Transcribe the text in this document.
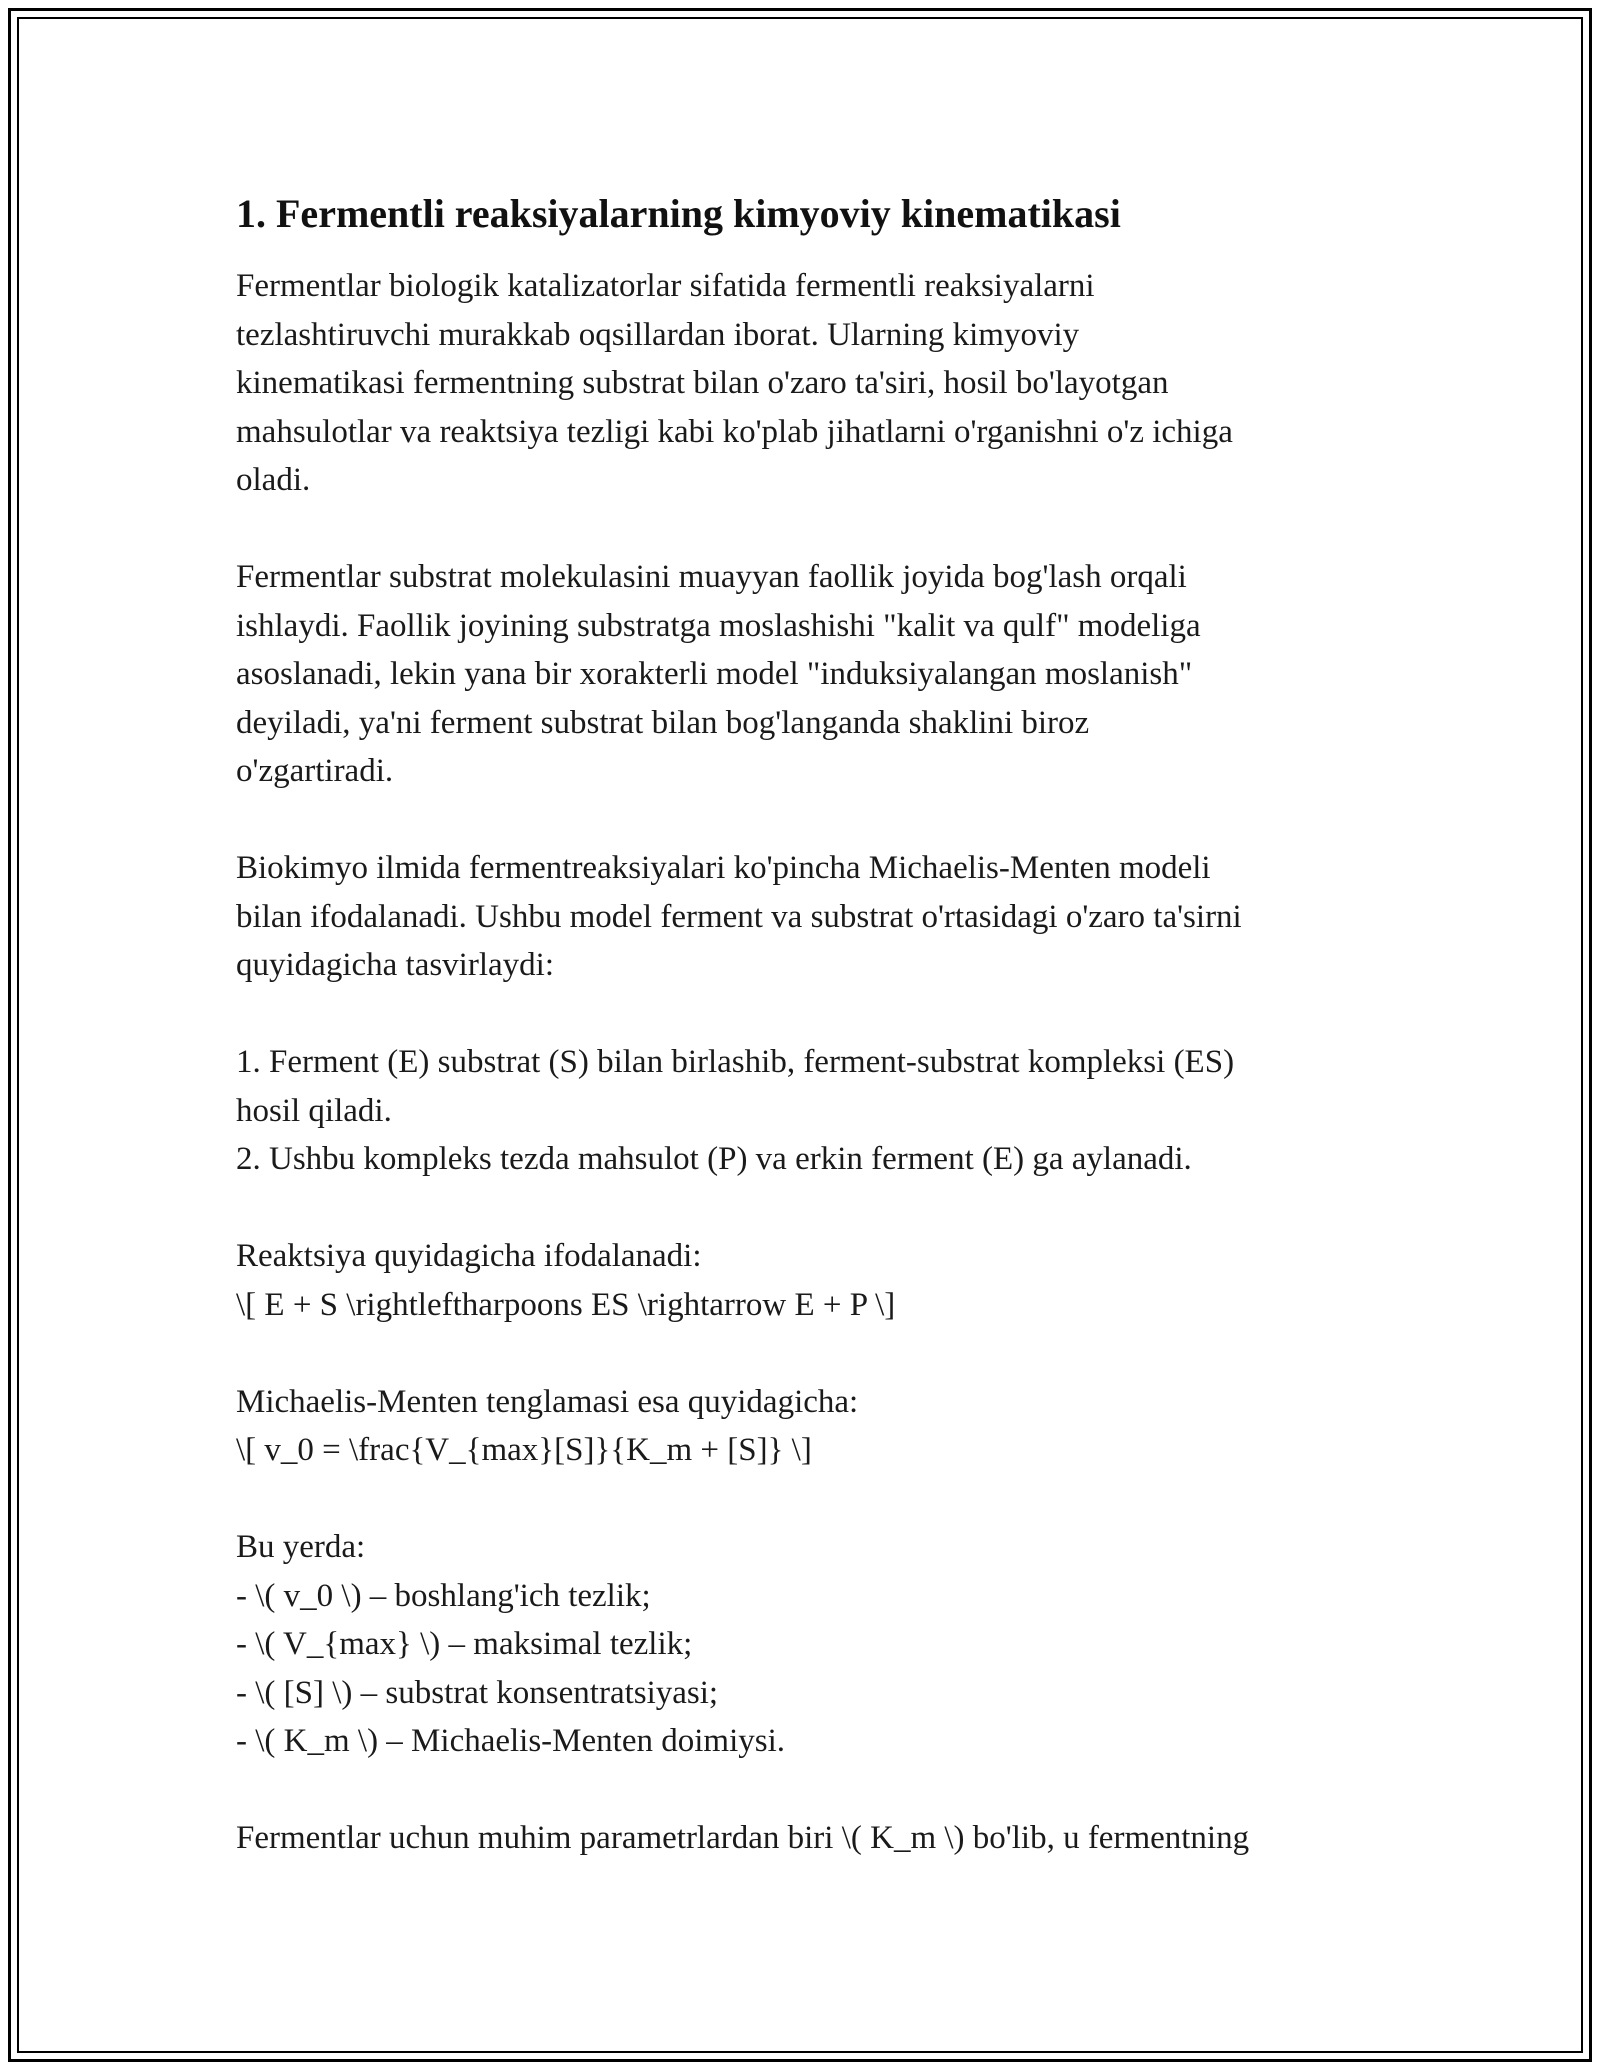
1. Fermentli reaksiyalarning kimyoviy kinematikasi
Fermentlar biologik katalizatorlar sifatida fermentli reaksiyalarni
tezlashtiruvchi murakkab oqsillardan iborat. Ularning kimyoviy
kinematikasi fermentning substrat bilan o'zaro ta'siri, hosil bo'layotgan
mahsulotlar va reaktsiya tezligi kabi ko'plab jihatlarni o'rganishni o'z ichiga
oladi.
Fermentlar substrat molekulasini muayyan faollik joyida bog'lash orqali
ishlaydi. Faollik joyining substratga moslashishi "kalit va qulf" modeliga
asoslanadi, lekin yana bir xorakterli model "induksiyalangan moslanish"
deyiladi, ya'ni ferment substrat bilan bog'langanda shaklini biroz
o'zgartiradi.
Biokimyo ilmida fermentreaksiyalari ko'pincha Michaelis-Menten modeli
bilan ifodalanadi. Ushbu model ferment va substrat o'rtasidagi o'zaro ta'sirni
quyidagicha tasvirlaydi:
1. Ferment (E) substrat (S) bilan birlashib, ferment-substrat kompleksi (ES)
hosil qiladi.
2. Ushbu kompleks tezda mahsulot (P) va erkin ferment (E) ga aylanadi.
Reaktsiya quyidagicha ifodalanadi:
\[ E + S \rightleftharpoons ES \rightarrow E + P \]
Michaelis-Menten tenglamasi esa quyidagicha:
\[ v_0 = \frac{V_{max}[S]}{K_m + [S]} \]
Bu yerda:
- \( v_0 \) – boshlang'ich tezlik;
- \( V_{max} \) – maksimal tezlik;
- \( [S] \) – substrat konsentratsiyasi;
- \( K_m \) – Michaelis-Menten doimiysi.
Fermentlar uchun muhim parametrlardan biri \( K_m \) bo'lib, u fermentning
